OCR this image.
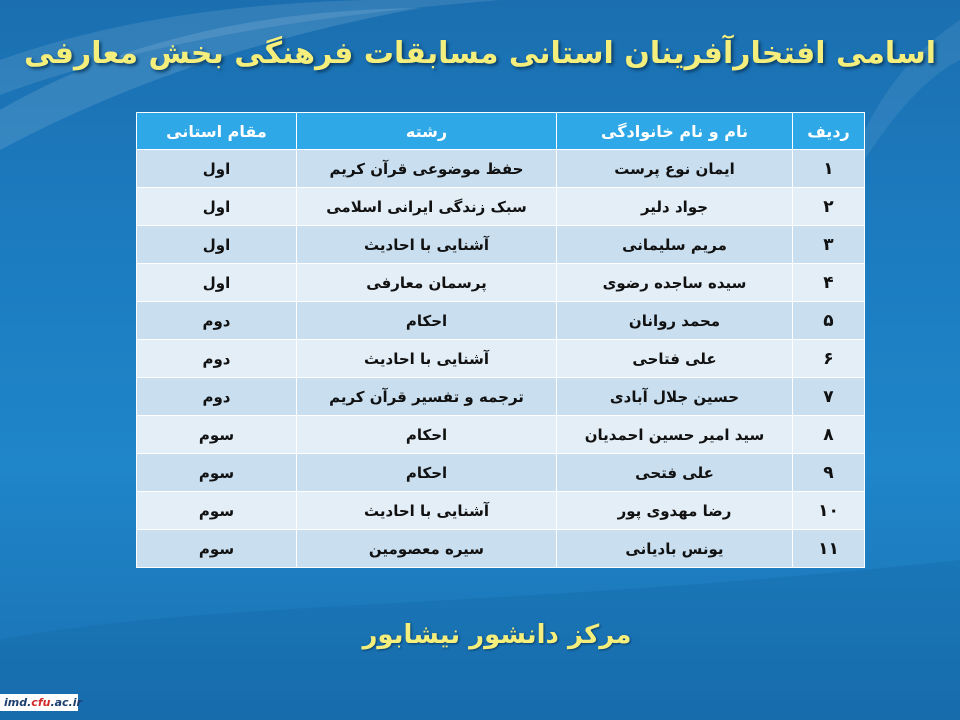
اسامی افتخارآفرینان استانی مسابقات فرهنگی بخش معارفی
ردیف	نام و نام خانوادگی	رشته	مقام استانی
۱	ایمان نوع پرست	حفظ موضوعی قرآن کریم	اول
۲	جواد دلیر	سبک زندگی ایرانی اسلامی	اول
۳	مریم سلیمانی	آشنایی با احادیث	اول
۴	سیده ساجده رضوی	پرسمان معارفی	اول
۵	محمد روانان	احکام	دوم
۶	علی فتاحی	آشنایی با احادیث	دوم
۷	حسین جلال آبادی	ترجمه و تفسیر قرآن کریم	دوم
۸	سید امیر حسین احمدیان	احکام	سوم
۹	علی فتحی	احکام	سوم
۱۰	رضا مهدوی پور	آشنایی با احادیث	سوم
۱۱	یونس بادیانی	سیره معصومین	سوم
مرکز دانشور نیشابور
imd.cfu.ac.ir
